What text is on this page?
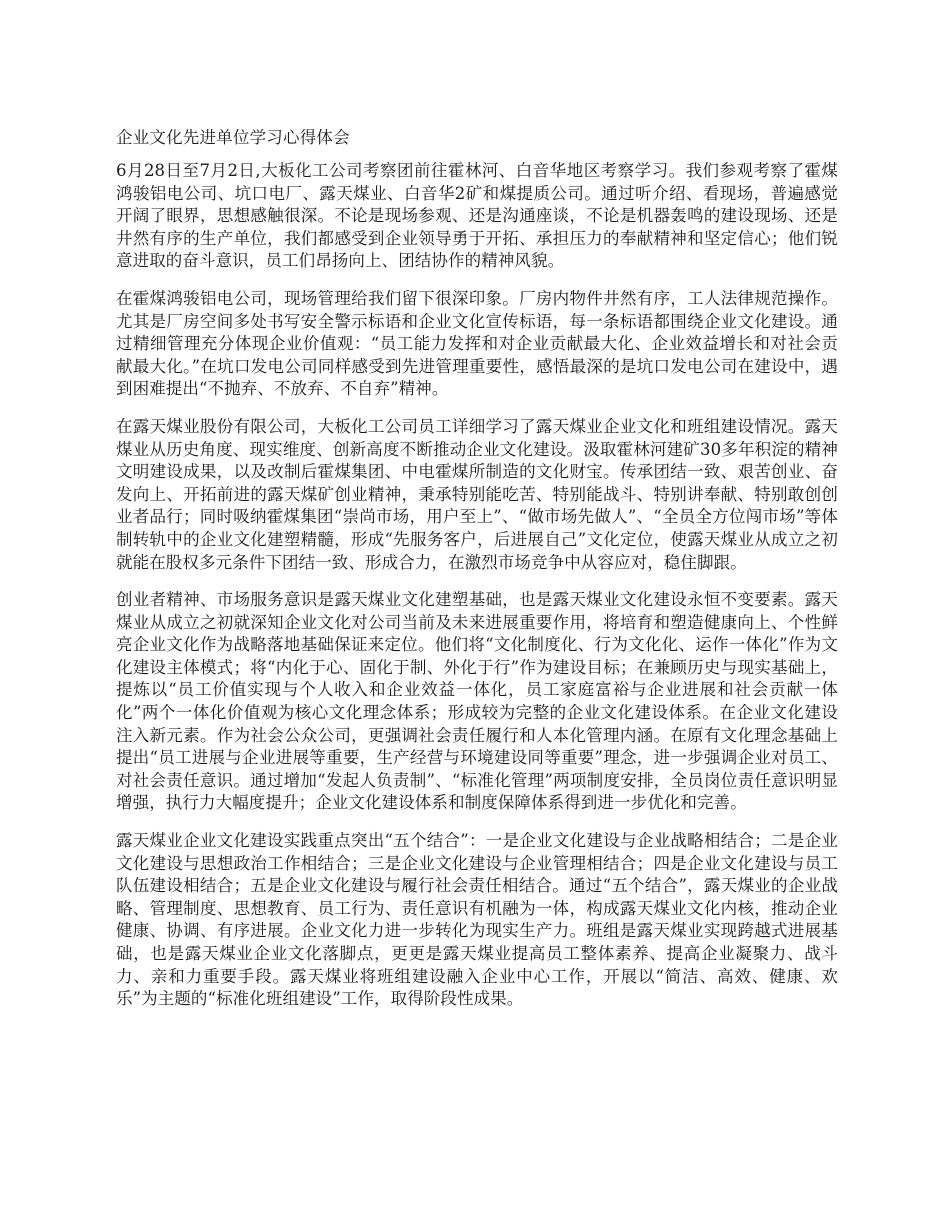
企业文化先进单位学习心得体会

6月28日至7月2日,大板化工公司考察团前往霍林河、白音华地区考察学习。我们参观考察了霍煤鸿骏铝电公司、坑口电厂、露天煤业、白音华2矿和煤提质公司。通过听介绍、看现场，普遍感觉开阔了眼界，思想感触很深。不论是现场参观、还是沟通座谈，不论是机器轰鸣的建设现场、还是井然有序的生产单位，我们都感受到企业领导勇于开拓、承担压力的奉献精神和坚定信心；他们锐意进取的奋斗意识，员工们昂扬向上、团结协作的精神风貌。

在霍煤鸿骏铝电公司，现场管理给我们留下很深印象。厂房内物件井然有序，工人法律规范操作。尤其是厂房空间多处书写安全警示标语和企业文化宣传标语，每一条标语都围绕企业文化建设。通过精细管理充分体现企业价值观：“员工能力发挥和对企业贡献最大化、企业效益增长和对社会贡献最大化。”在坑口发电公司同样感受到先进管理重要性，感悟最深的是坑口发电公司在建设中，遇到困难提出“不抛弃、不放弃、不自弃”精神。

在露天煤业股份有限公司，大板化工公司员工详细学习了露天煤业企业文化和班组建设情况。露天煤业从历史角度、现实维度、创新高度不断推动企业文化建设。汲取霍林河建矿30多年积淀的精神文明建设成果，以及改制后霍煤集团、中电霍煤所制造的文化财宝。传承团结一致、艰苦创业、奋发向上、开拓前进的露天煤矿创业精神，秉承特别能吃苦、特别能战斗、特别讲奉献、特别敢创创业者品行；同时吸纳霍煤集团“崇尚市场，用户至上”、“做市场先做人”、“全员全方位闯市场”等体制转轨中的企业文化建塑精髓，形成“先服务客户，后进展自己”文化定位，使露天煤业从成立之初就能在股权多元条件下团结一致、形成合力，在激烈市场竞争中从容应对，稳住脚跟。

创业者精神、市场服务意识是露天煤业文化建塑基础，也是露天煤业文化建设永恒不变要素。露天煤业从成立之初就深知企业文化对公司当前及未来进展重要作用，将培育和塑造健康向上、个性鲜亮企业文化作为战略落地基础保证来定位。他们将“文化制度化、行为文化化、运作一体化”作为文化建设主体模式；将“内化于心、固化于制、外化于行”作为建设目标；在兼顾历史与现实基础上，提炼以“员工价值实现与个人收入和企业效益一体化，员工家庭富裕与企业进展和社会贡献一体化”两个一体化价值观为核心文化理念体系；形成较为完整的企业文化建设体系。在企业文化建设注入新元素。作为社会公众公司，更强调社会责任履行和人本化管理内涵。在原有文化理念基础上提出“员工进展与企业进展等重要，生产经营与环境建设同等重要”理念，进一步强调企业对员工、对社会责任意识。通过增加“发起人负责制”、“标准化管理”两项制度安排，全员岗位责任意识明显增强，执行力大幅度提升；企业文化建设体系和制度保障体系得到进一步优化和完善。

露天煤业企业文化建设实践重点突出“五个结合”：一是企业文化建设与企业战略相结合；二是企业文化建设与思想政治工作相结合；三是企业文化建设与企业管理相结合；四是企业文化建设与员工队伍建设相结合；五是企业文化建设与履行社会责任相结合。通过“五个结合”，露天煤业的企业战略、管理制度、思想教育、员工行为、责任意识有机融为一体，构成露天煤业文化内核，推动企业健康、协调、有序进展。企业文化力进一步转化为现实生产力。班组是露天煤业实现跨越式进展基础，也是露天煤业企业文化落脚点，更更是露天煤业提高员工整体素养、提高企业凝聚力、战斗力、亲和力重要手段。露天煤业将班组建设融入企业中心工作，开展以“简洁、高效、健康、欢乐”为主题的“标准化班组建设”工作，取得阶段性成果。
